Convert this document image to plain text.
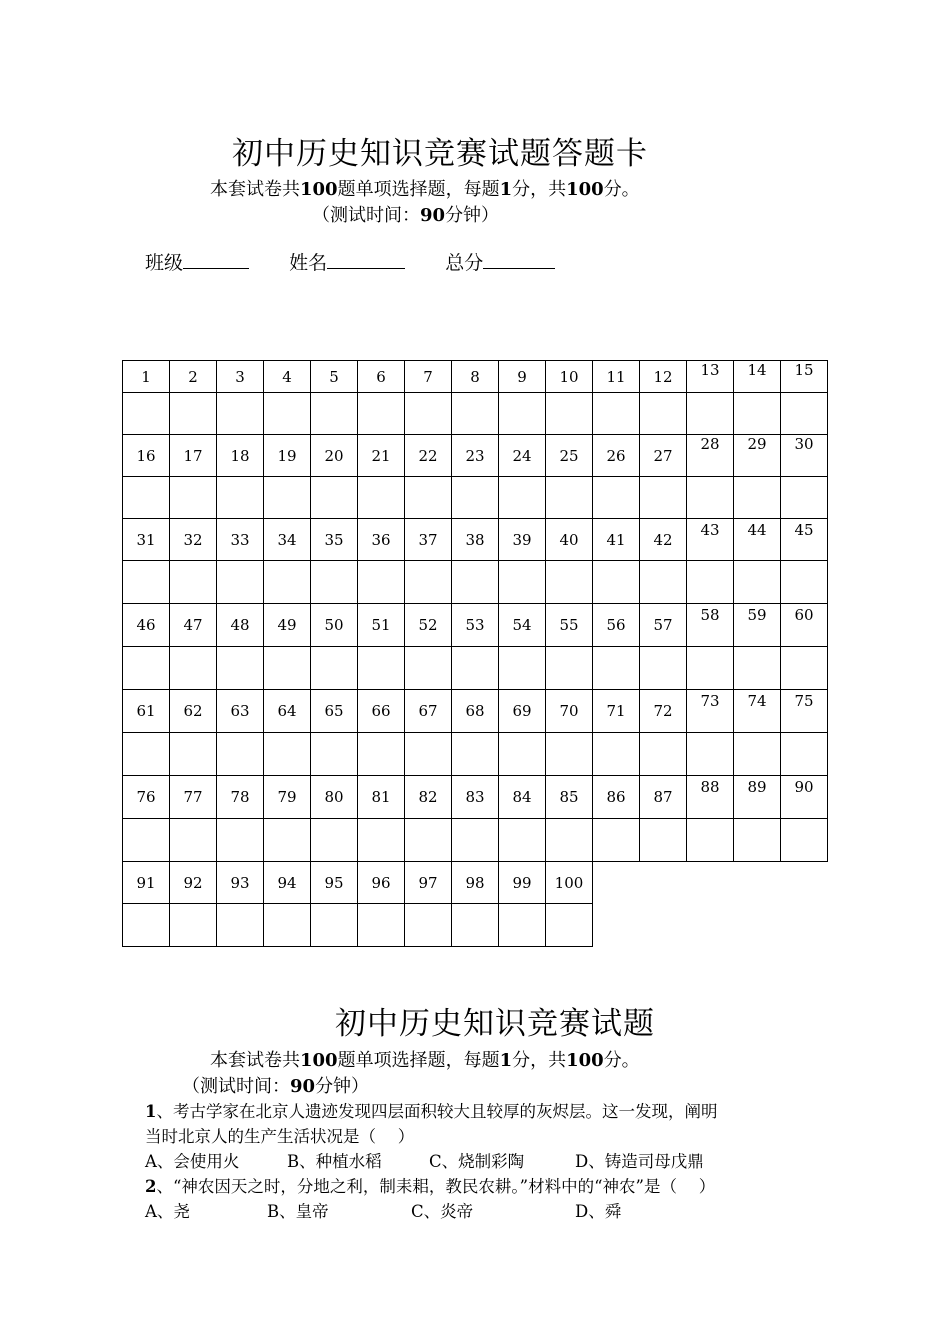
初中历史知识竞赛试题答题卡
本套试卷共100题单项选择题，每题1分，共100分。
（测试时间：90分钟）
班级	姓名	总分
1	2	3	4	5	6	7	8	9	10	11	12	13	14	15

16	17	18	19	20	21	22	23	24	25	26	27	28	29	30

31	32	33	34	35	36	37	38	39	40	41	42	43	44	45

46	47	48	49	50	51	52	53	54	55	56	57	58	59	60

61	62	63	64	65	66	67	68	69	70	71	72	73	74	75

76	77	78	79	80	81	82	83	84	85	86	87	88	89	90

91	92	93	94	95	96	97	98	99	100					

初中历史知识竞赛试题
本套试卷共100题单项选择题，每题1分，共100分。
（测试时间：90分钟）
1、考古学家在北京人遗迹发现四层面积较大且较厚的灰烬层。这一发现，阐明
当时北京人的生产生活状况是（　 ）
A、会使用火	B、种植水稻	C、烧制彩陶	D、铸造司母戊鼎
2、“神农因天之时，分地之利，制耒耜，教民农耕。”材料中的“神农”是（　 ）
A、尧	B、皇帝	C、炎帝	D、舜
